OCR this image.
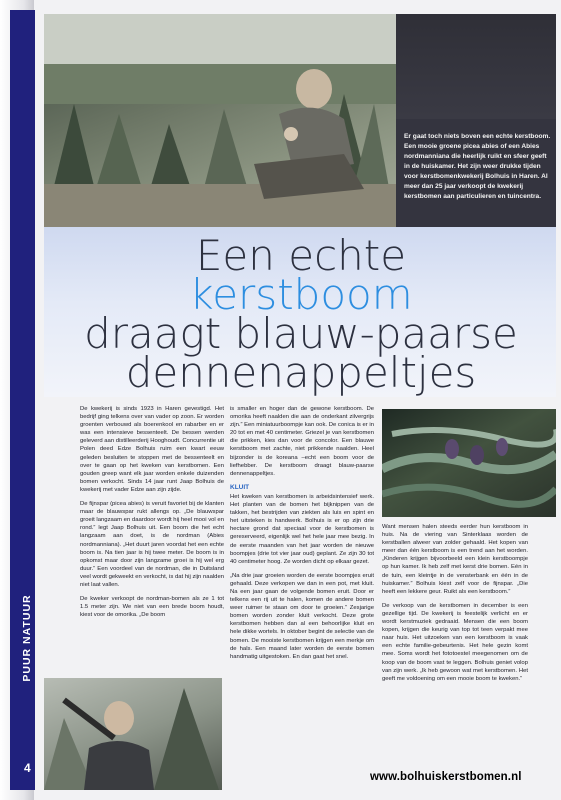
PUUR NATUUR
4
Er gaat toch niets boven een echte kerstboom. Een mooie groene picea abies of een Abies nordmanniana die heerlijk ruikt en sfeer geeft in de huiskamer. Het zijn weer drukke tijden voor kerstbomenkwekerij Bolhuis in Haren. Al meer dan 25 jaar verkoopt de kwekerij kerstbomen aan particulieren en tuincentra.
Een echte
kerstboom
draagt blauw-paarse
dennenappeltjes

De kwekerij is sinds 1923 in Haren gevestigd. Het bedrijf ging telkens over van vader op zoon. Er worden groenten verbouwd als boerenkool en rabarber en er was een intensieve bessenteelt. De bessen werden geleverd aan distilleerderij Hooghoudt. Concurrentie uit Polen deed Edze Bolhuis ruim een kwart eeuw geleden besluiten te stoppen met de bessenteelt en over te gaan op het kweken van kerstbomen. Een gouden greep want elk jaar worden enkele duizenden bomen verkocht. Sinds 14 jaar runt Jaap Bolhuis de kwekerij met vader Edze aan zijn zijde.

De fijnspar (picea abies) is veruit favoriet bij de klanten maar de blauwspar rukt allengs op. „De blauwspar groeit langzaam en daardoor wordt hij heel mooi vol en rond.” legt Jaap Bolhuis uit. Een boom die het echt langzaam aan doet, is de nordman (Abies nordmanniana). „Het duurt jaren voordat het een echte boom is. Na tien jaar is hij twee meter. De boom is in opkomst maar door zijn langzame groei is hij wel erg duur.” Een voordeel van de nordman, die in Duitsland veel wordt gekweekt en verkocht, is dat hij zijn naalden niet laat vallen.

De kweker verkoopt de nordman-bomen als ze 1 tot 1.5 meter zijn. We niet van een brede boom houdt, kiest voor de omorika. „De boom

is smaller en hoger dan de gewone kerstboom. De omorika heeft naalden die aan de onderkant zilvergrijs zijn.” Een miniatuurboompje kan ook. De conica is er in 20 tot en met 40 centimeter. Griezel je van kerstbomen die prikken, kies dan voor de concolor. Een blauwe kerstboom met zachte, niet prikkende naalden. Heel bijzonder is de koreana –echt een boom voor de liefhebber. De kerstboom draagt blauw-paarse dennenappeltjes.

KLUIT

Het kweken van kerstbomen is arbeidsintensief werk. Het planten van de bomen het bijknippen van de takken, het bestrijden van ziekten als luis en spint en het uitsteken is handwerk. Bolhuis is er op zijn drie hectare grond dat speciaal voor de kerstbomen is gereserveerd, eigenlijk wel het hele jaar mee bezig. In de eerste maanden van het jaar worden de nieuwe boompjes (drie tot vier jaar oud) geplant. Ze zijn 30 tot 40 centimeter hoog. Ze worden dicht op elkaar gezet.

„Na drie jaar groeien worden de eerste boompjes eruit gehaald. Deze verkopen we dan in een pot, met kluit. Na een jaar gaan de volgende bomen eruit. Door er telkens een rij uit te halen, komen de andere bomen weer ruimer te staan om door te groeien.” Zesjarige bomen worden zonder kluit verkocht. Deze grote kerstbomen hebben dan al een behoorlijke kluit en hele dikke wortels. In oktober begint de selectie van de bomen. De mooiste kerstbomen krijgen een merkje om de hals. Een maand later worden de eerste bomen handmatig uitgestoken. En dan gaat het snel.

Want mensen halen steeds eerder hun kerstboom in huis. Na de viering van Sinterklaas worden de kerstballen alweer van zolder gehaald. Het kopen van meer dan één kerstboom is een trend aan het worden. „Kinderen krijgen bijvoorbeeld een klein kerstboompje op hun kamer. Ik heb zelf met kerst drie bomen. Eén in de tuin, een kleintje in de vensterbank en één in de huiskamer.” Bolhuis kiest zelf voor de fijnspar. „Die heeft een lekkere geur. Ruikt als een kerstboom.”

De verkoop van de kerstbomen in december is een gezellige tijd. De kwekerij is feestelijk verlicht en er wordt kerstmuziek gedraaid. Mensen die een boom kopen, krijgen die keurig van top tot teen verpakt mee naar huis. Het uitzoeken van een kerstboom is vaak een echte familie-gebeurtenis. Het hele gezin komt mee. Soms wordt het fototoestel meegenomen om de koop van de boom vast te leggen. Bolhuis geniet volop van zijn werk. „Ik heb gewoon wat met kerstbomen. Het geeft me voldoening om een mooie boom te kweken.”

www.bolhuiskerstbomen.nl
